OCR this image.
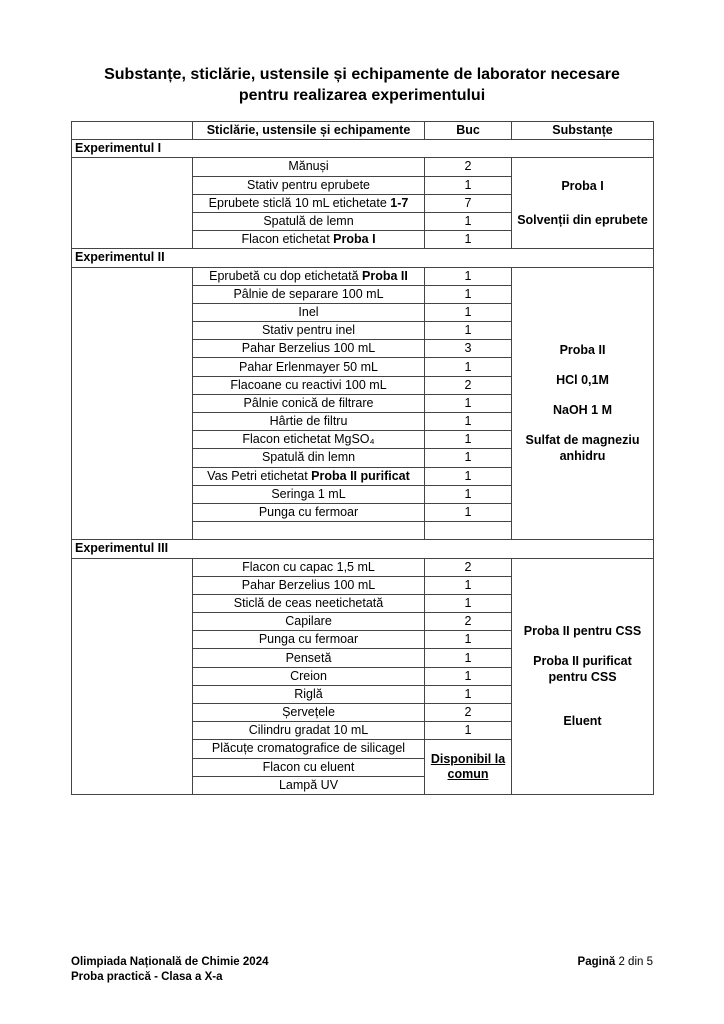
Substanțe, sticlărie, ustensile și echipamente de laborator necesare
pentru realizarea experimentului
	Sticlărie, ustensile și echipamente	Buc	Substanțe
Experimentul I			
	Mănuși	2	Proba I
Solvenții din eprubete

	Stativ pentru eprubete	1	
	Eprubete sticlă 10 mL etichetate 1-7	7	
	Spatulă de lemn	1	
	Flacon etichetat Proba I	1	
Experimentul II			
	Eprubetă cu dop etichetată Proba II	1	Proba II
HCl 0,1M
NaOH 1 M
Sulfat de magneziu anhidru

	Pâlnie de separare 100 mL	1	
	Inel	1	
	Stativ pentru inel	1	
	Pahar Berzelius 100 mL	3	
	Pahar Erlenmayer 50 mL	1	
	Flacoane cu reactivi 100 mL	2	
	Pâlnie conică de filtrare	1	
	Hârtie de filtru	1	
	Flacon etichetat MgSO₄	1	
	Spatulă din lemn	1	
	Vas Petri etichetat Proba II purificat	1	
	Seringa 1 mL	1	
	Punga cu fermoar	1	

Experimentul III			
	Flacon cu capac 1,5 mL	2	Proba II pentru CSS
Proba II purificat pentru CSS
Eluent

	Pahar Berzelius 100 mL	1	
	Sticlă de ceas neetichetată	1	
	Capilare	2	
	Punga cu fermoar	1	
	Pensetă	1	
	Creion	1	
	Riglă	1	
	Șervețele	2	
	Cilindru gradat 10 mL	1	
	Plăcuțe cromatografice de silicagel	Disponibil la comun	
	Flacon cu eluent		
	Lampă UV		
Olimpiada Națională de Chimie 2024
Proba practică - Clasa a X-a
Pagină 2 din 5
